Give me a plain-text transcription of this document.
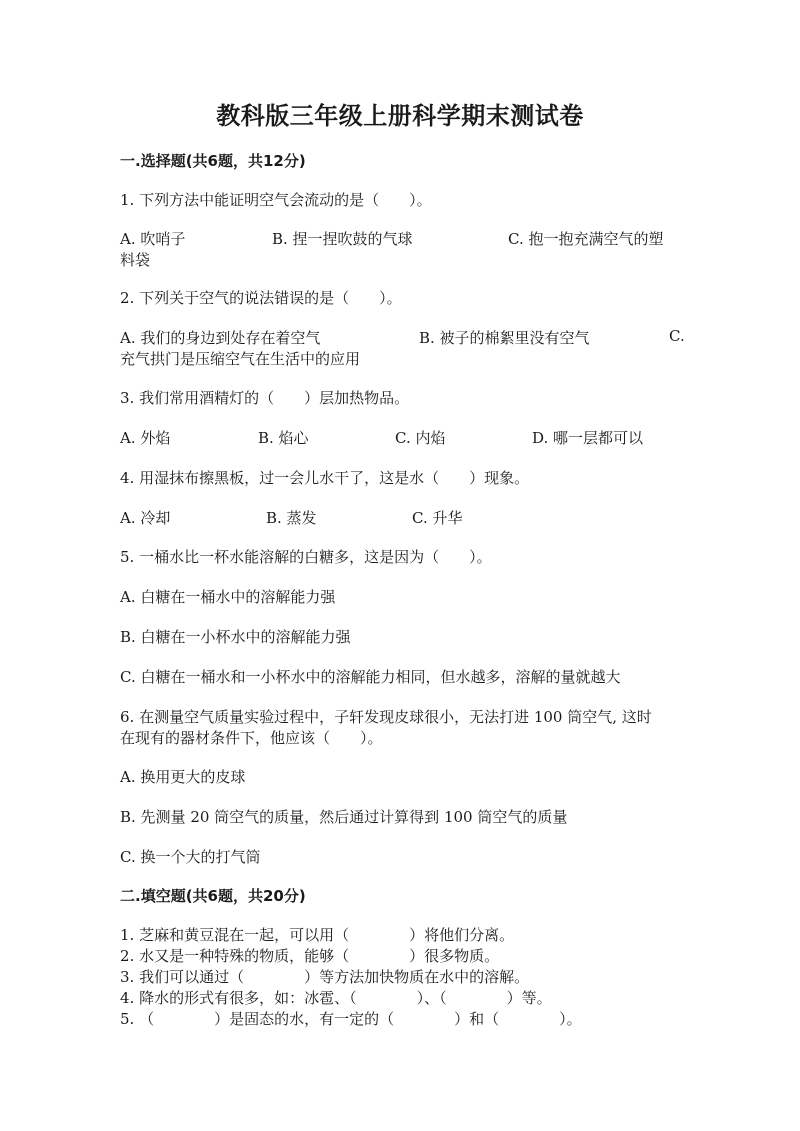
教科版三年级上册科学期末测试卷
一.选择题(共6题，共12分)
1. 下列方法中能证明空气会流动的是（　　）。
A. 吹哨子	B. 捏一捏吹鼓的气球	C. 抱一抱充满空气的塑
料袋
2. 下列关于空气的说法错误的是（　　）。
A. 我们的身边到处存在着空气	B. 被子的棉絮里没有空气	C.
充气拱门是压缩空气在生活中的应用
3. 我们常用酒精灯的（　　）层加热物品。
A. 外焰	B. 焰心	C. 内焰	D. 哪一层都可以
4. 用湿抹布擦黑板，过一会儿水干了，这是水（　　）现象。
A. 冷却	B. 蒸发	C. 升华
5. 一桶水比一杯水能溶解的白糖多，这是因为（　　）。
A. 白糖在一桶水中的溶解能力强
B. 白糖在一小杯水中的溶解能力强
C. 白糖在一桶水和一小杯水中的溶解能力相同，但水越多，溶解的量就越大
6. 在测量空气质量实验过程中，子轩发现皮球很小，无法打进 100 筒空气, 这时
在现有的器材条件下，他应该（　　）。
A. 换用更大的皮球
B. 先测量 20 筒空气的质量，然后通过计算得到 100 筒空气的质量
C. 换一个大的打气筒
二.填空题(共6题，共20分)
1. 芝麻和黄豆混在一起，可以用（　　　　）将他们分离。
2. 水又是一种特殊的物质，能够（　　　　）很多物质。
3. 我们可以通过（　　　　）等方法加快物质在水中的溶解。
4. 降水的形式有很多，如：冰雹、（　　　　）、（　　　　）等。
5. （　　　　）是固态的水，有一定的（　　　　）和（　　　　）。
